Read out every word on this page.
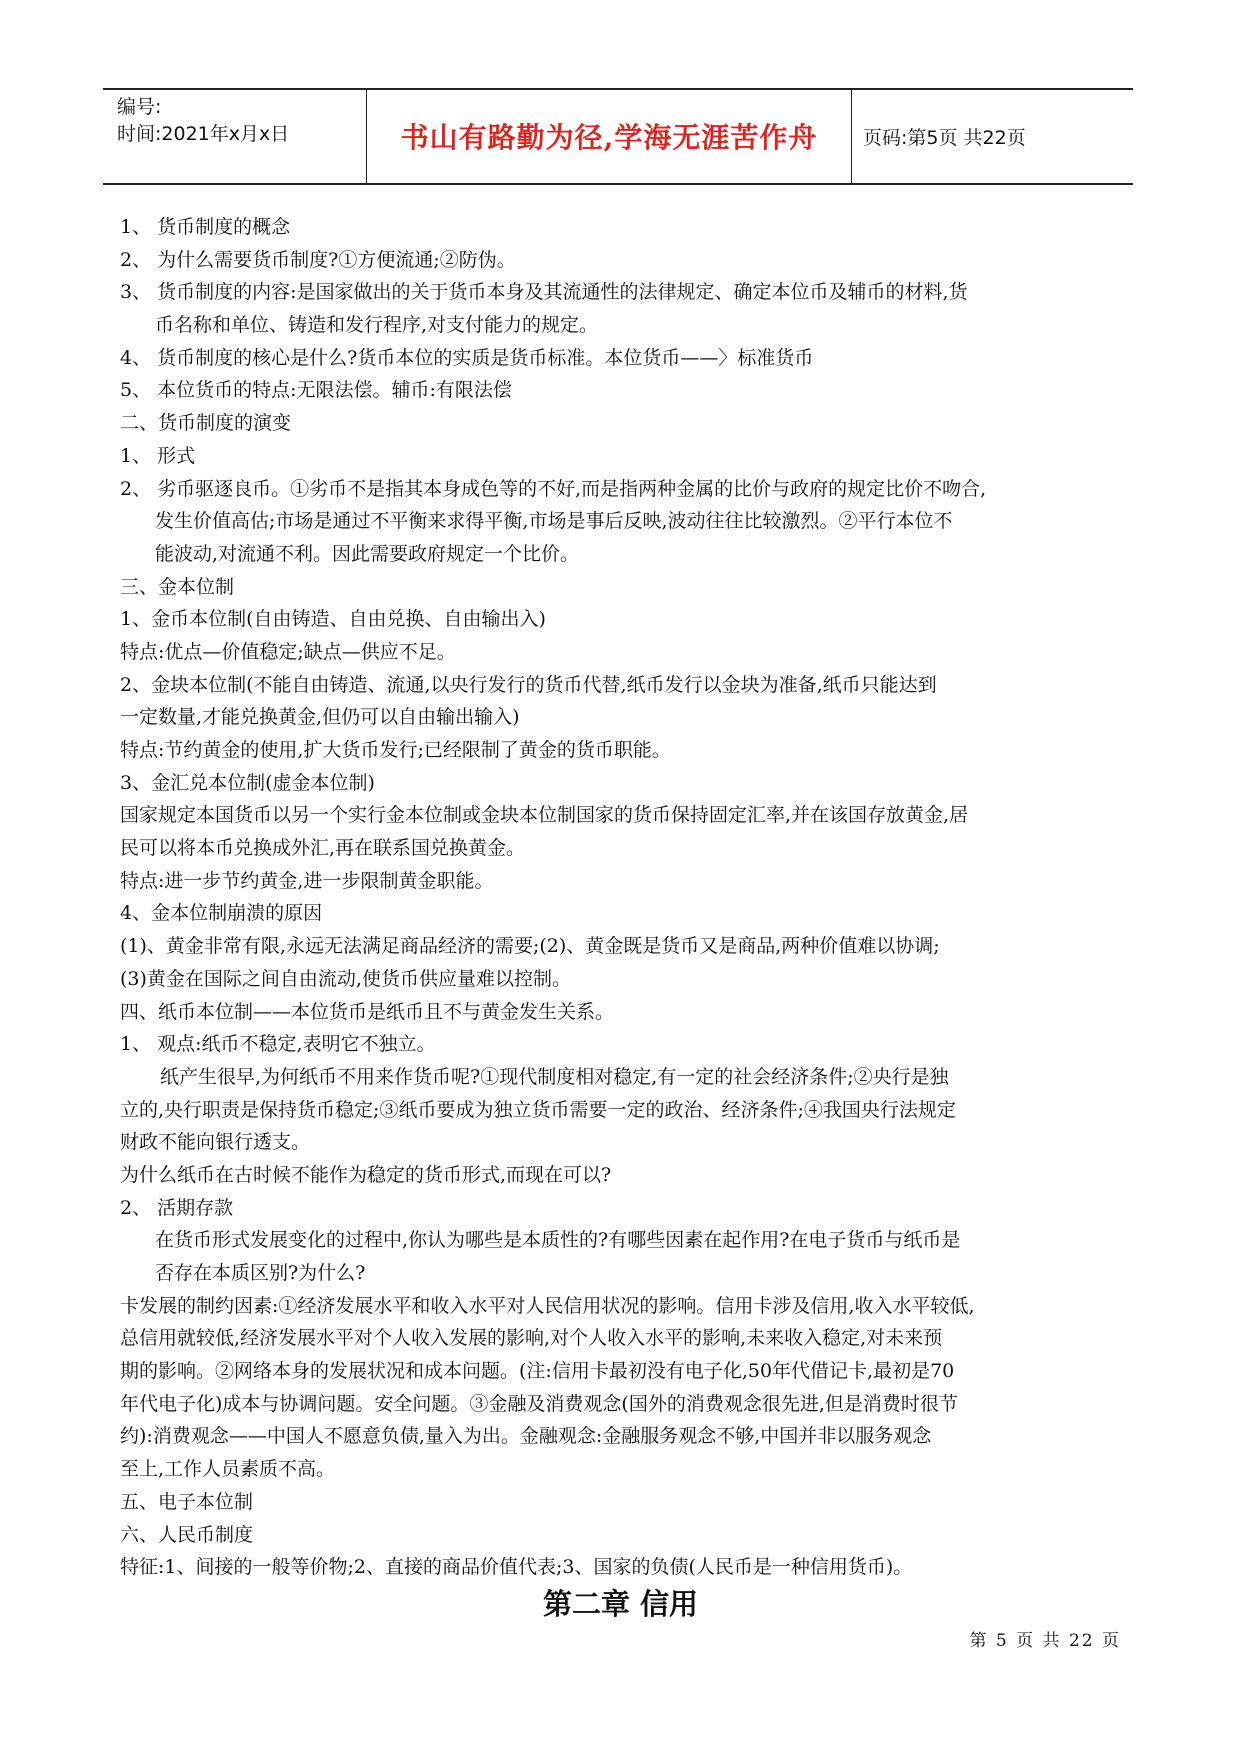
编号:
时间:2021年x月x日	书山有路勤为径,学海无涯苦作舟	页码:第5页 共22页
1、 货币制度的概念
2、 为什么需要货币制度?①方便流通;②防伪。
3、 货币制度的内容:是国家做出的关于货币本身及其流通性的法律规定、确定本位币及辅币的材料,货
币名称和单位、铸造和发行程序,对支付能力的规定。
4、 货币制度的核心是什么?货币本位的实质是货币标准。本位货币——〉标准货币
5、 本位货币的特点:无限法偿。辅币:有限法偿
二、货币制度的演变
1、 形式
2、 劣币驱逐良币。①劣币不是指其本身成色等的不好,而是指两种金属的比价与政府的规定比价不吻合,
发生价值高估;市场是通过不平衡来求得平衡,市场是事后反映,波动往往比较激烈。②平行本位不
能波动,对流通不利。因此需要政府规定一个比价。
三、金本位制
1、金币本位制(自由铸造、自由兑换、自由输出入)
特点:优点—价值稳定;缺点—供应不足。
2、金块本位制(不能自由铸造、流通,以央行发行的货币代替,纸币发行以金块为准备,纸币只能达到
一定数量,才能兑换黄金,但仍可以自由输出输入)
特点:节约黄金的使用,扩大货币发行;已经限制了黄金的货币职能。
3、金汇兑本位制(虚金本位制)
国家规定本国货币以另一个实行金本位制或金块本位制国家的货币保持固定汇率,并在该国存放黄金,居
民可以将本币兑换成外汇,再在联系国兑换黄金。
特点:进一步节约黄金,进一步限制黄金职能。
4、金本位制崩溃的原因
(1)、黄金非常有限,永远无法满足商品经济的需要;(2)、黄金既是货币又是商品,两种价值难以协调;
(3)黄金在国际之间自由流动,使货币供应量难以控制。
四、纸币本位制——本位货币是纸币且不与黄金发生关系。
1、 观点:纸币不稳定,表明它不独立。
纸产生很早,为何纸币不用来作货币呢?①现代制度相对稳定,有一定的社会经济条件;②央行是独
立的,央行职责是保持货币稳定;③纸币要成为独立货币需要一定的政治、经济条件;④我国央行法规定
财政不能向银行透支。
为什么纸币在古时候不能作为稳定的货币形式,而现在可以?
2、 活期存款
在货币形式发展变化的过程中,你认为哪些是本质性的?有哪些因素在起作用?在电子货币与纸币是
否存在本质区别?为什么?
卡发展的制约因素:①经济发展水平和收入水平对人民信用状况的影响。信用卡涉及信用,收入水平较低,
总信用就较低,经济发展水平对个人收入发展的影响,对个人收入水平的影响,未来收入稳定,对未来预
期的影响。②网络本身的发展状况和成本问题。(注:信用卡最初没有电子化,50年代借记卡,最初是70
年代电子化)成本与协调问题。安全问题。③金融及消费观念(国外的消费观念很先进,但是消费时很节
约):消费观念——中国人不愿意负债,量入为出。金融观念:金融服务观念不够,中国并非以服务观念
至上,工作人员素质不高。
五、电子本位制
六、人民币制度
特征:1、间接的一般等价物;2、直接的商品价值代表;3、国家的负债(人民币是一种信用货币)。
第二章 信用
第 5 页 共 22 页
